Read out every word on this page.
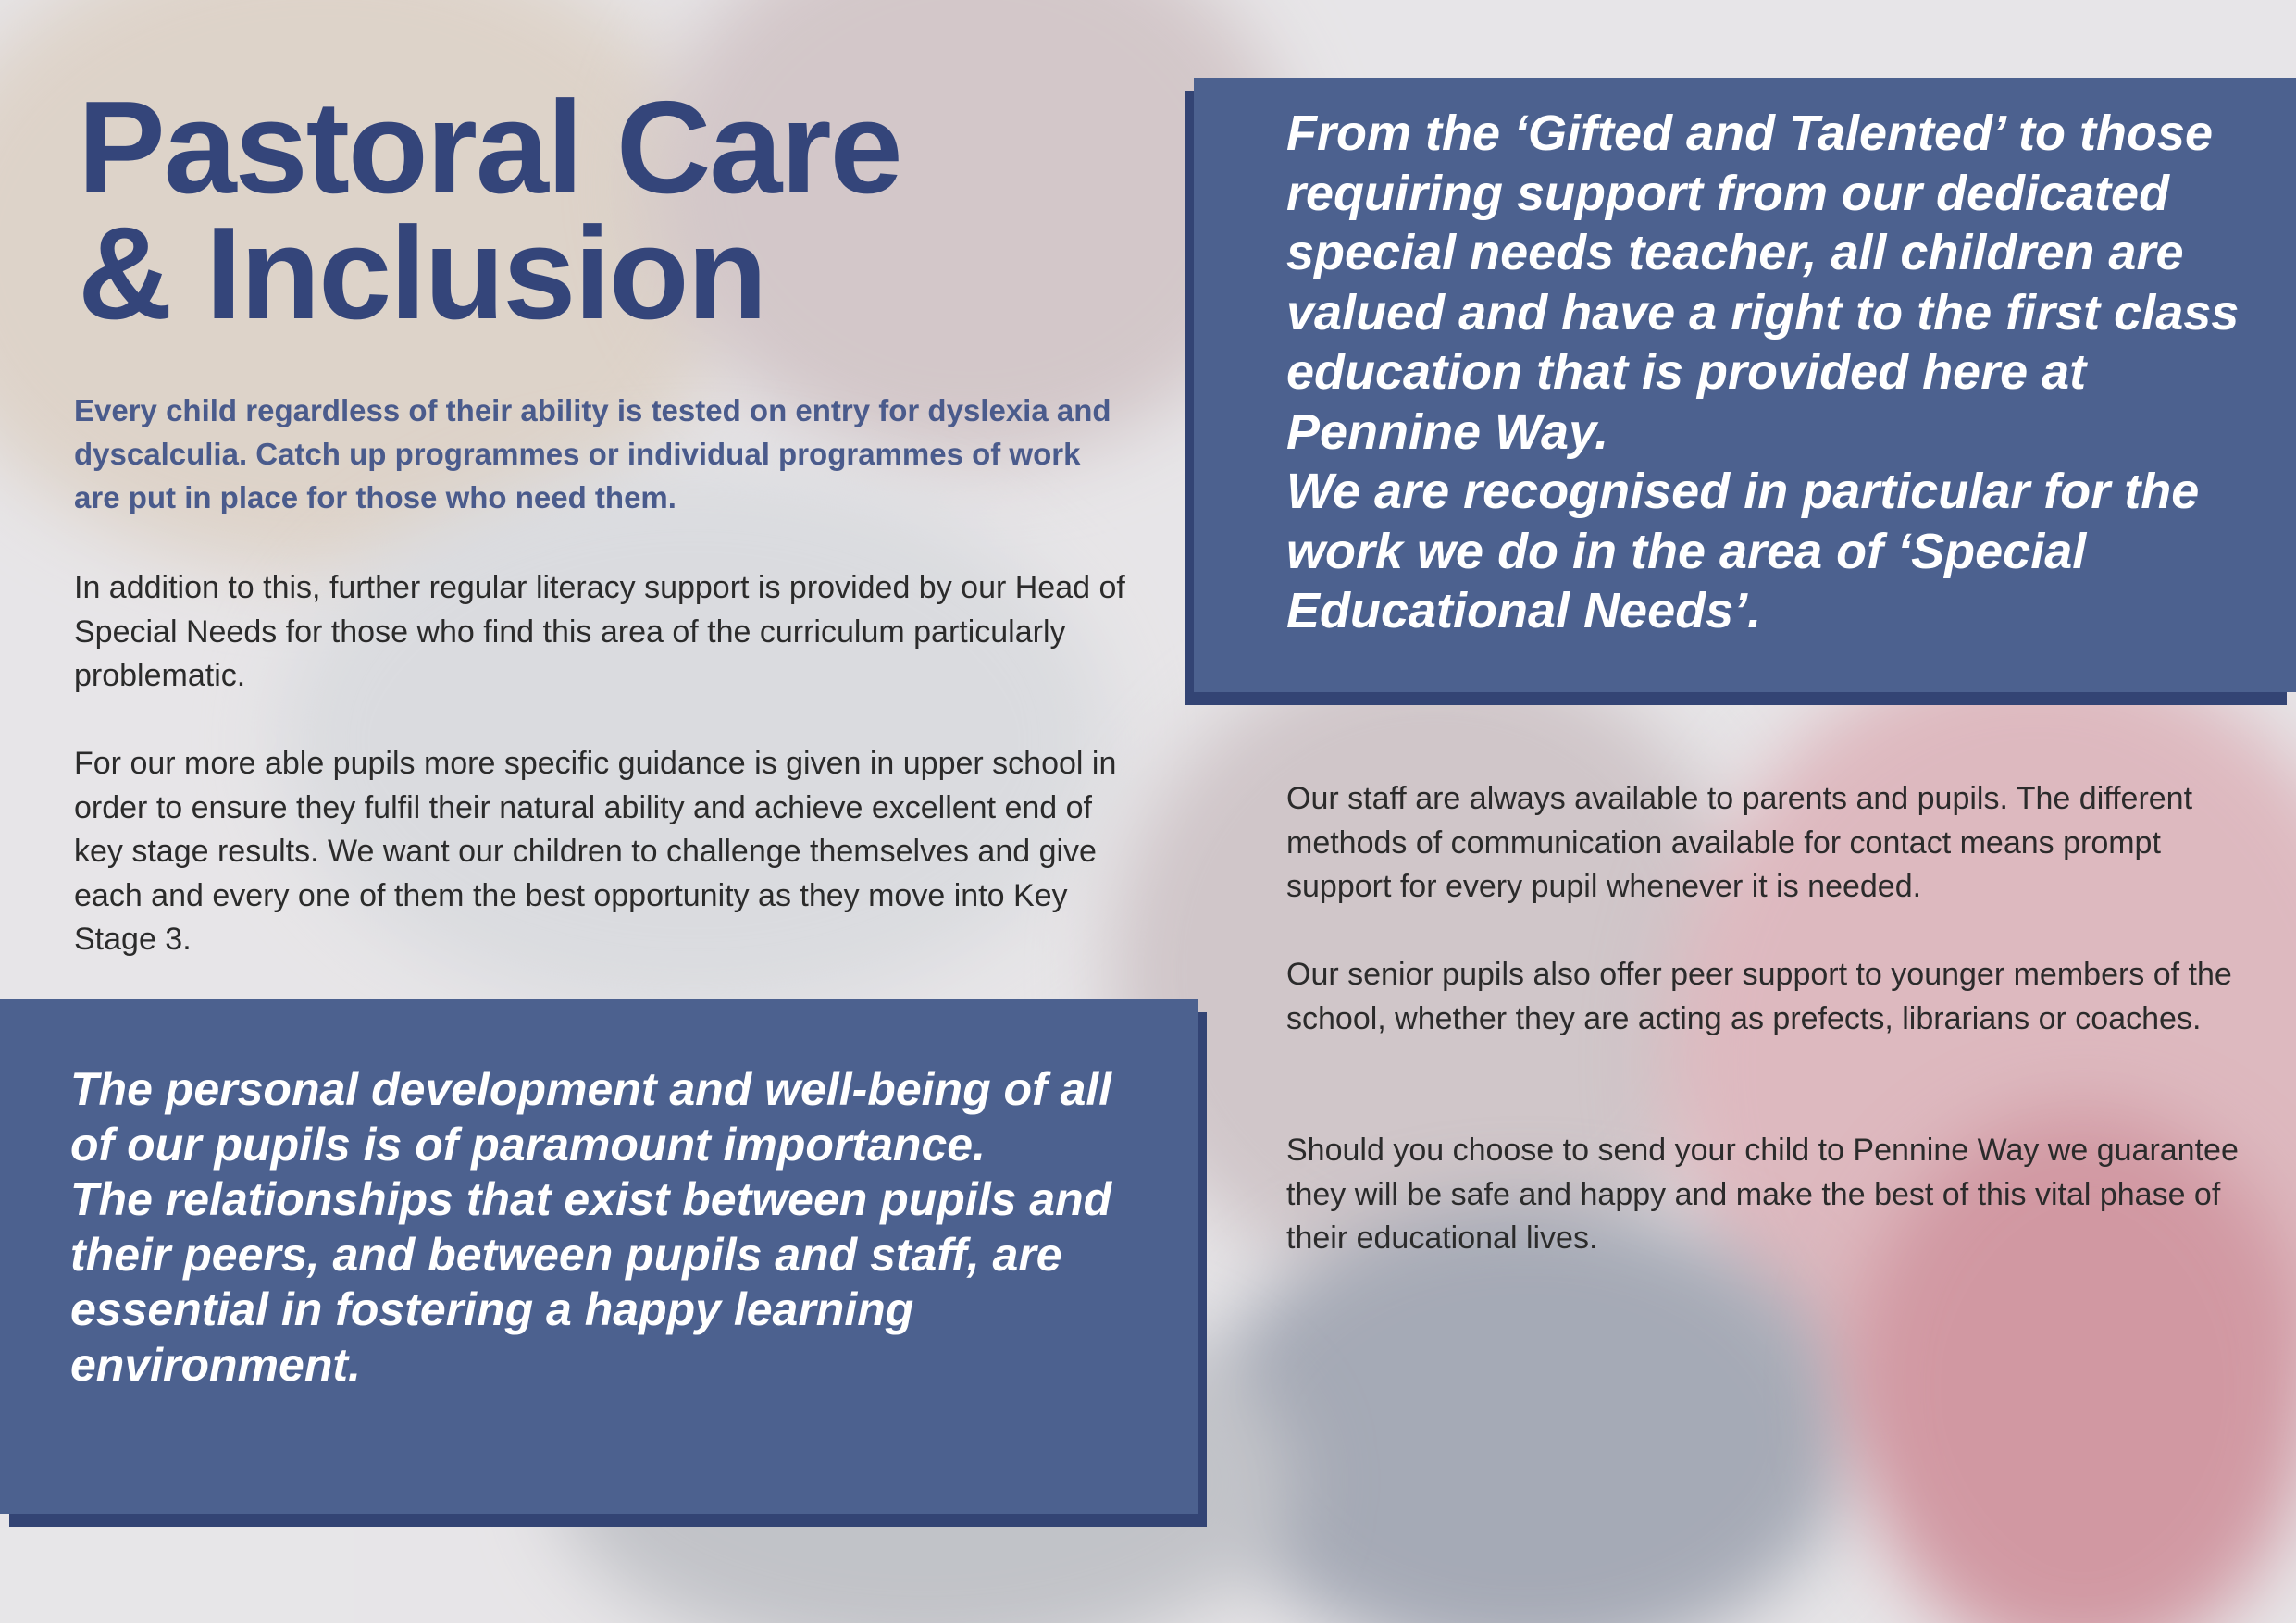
Pastoral Care
& Inclusion

Every child regardless of their ability is tested on entry for dyslexia and dyscalculia. Catch up programmes or individual programmes of work are put in place for those who need them.

In addition to this, further regular literacy support is provided by our Head of Special Needs for those who find this area of the curriculum particularly problematic.

For our more able pupils more specific guidance is given in upper school in order to ensure they fulfil their natural ability and achieve excellent end of key stage results. We want our children to challenge themselves and give each and every one of them the best opportunity as they move into Key Stage 3.

From the ‘Gifted and Talented’ to those requiring support from our dedicated special needs teacher, all children are valued and have a right to the first class education that is provided here at Pennine Way.

We are recognised in particular for the work we do in the area of ‘Special Educational Needs’.

Our staff are always available to parents and pupils. The different methods of communication available for contact means prompt support for every pupil whenever it is needed.

Our senior pupils also offer peer support to younger members of the school, whether they are acting as prefects, librarians or coaches.

Should you choose to send your child to Pennine Way we guarantee they will be safe and happy and make the best of this vital phase of their educational lives.

The personal development and well-being of all of our pupils is of paramount importance.

The relationships that exist between pupils and their peers, and between pupils and staff, are essential in fostering a happy learning environment.
